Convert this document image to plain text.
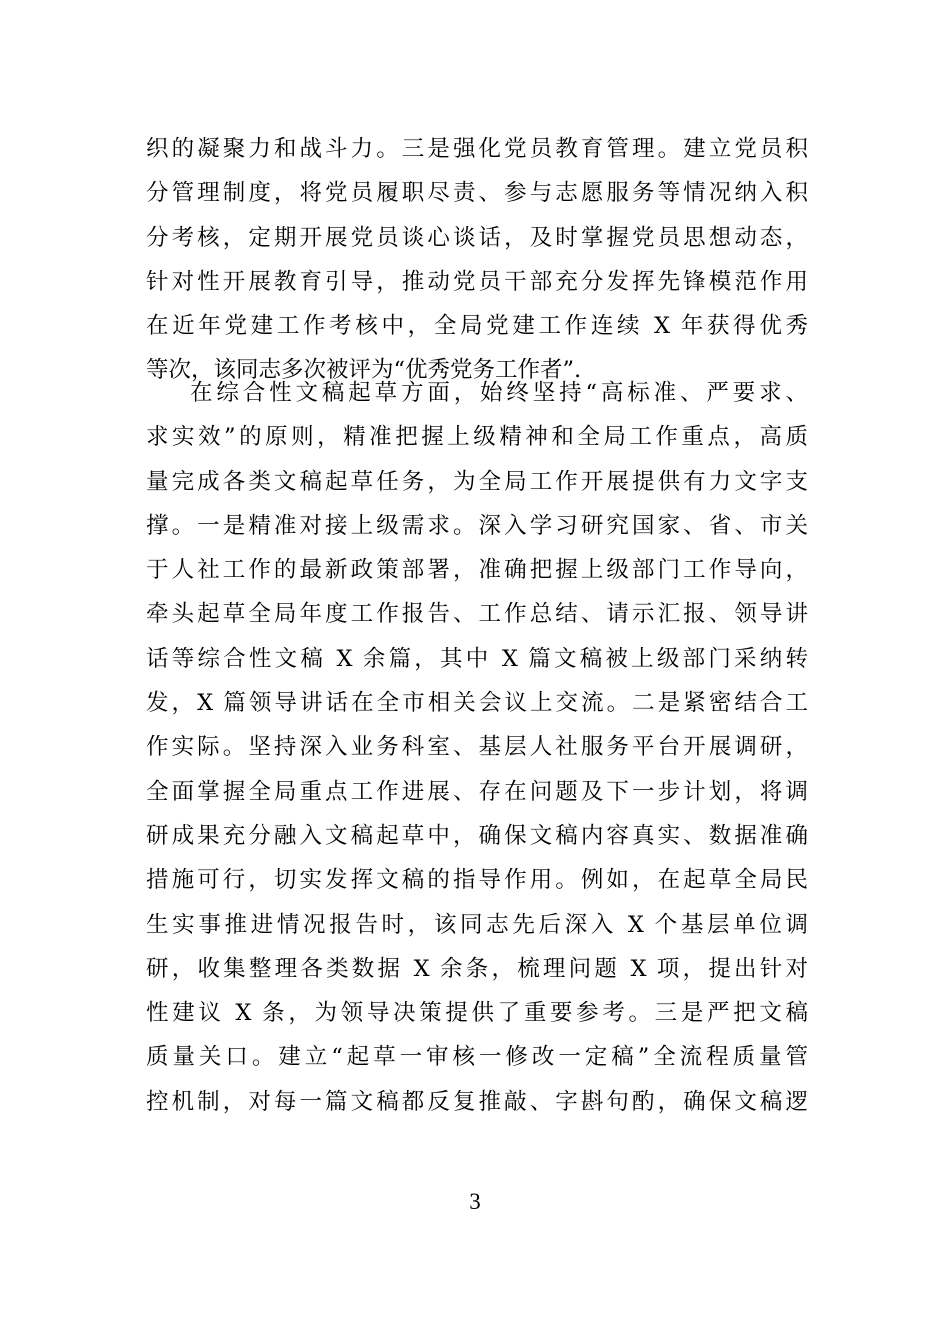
织的凝聚力和战斗力。三是强化党员教育管理。建立党员积
分管理制度，将党员履职尽责、参与志愿服务等情况纳入积
分考核，定期开展党员谈心谈话，及时掌握党员思想动态，
针对性开展教育引导，推动党员干部充分发挥先锋模范作用
在近年党建工作考核中，全局党建工作连续 X 年获得优秀
等次，该同志多次被评为“优秀党务工作者”.
在综合性文稿起草方面，始终坚持“高标准、严要求、
求实效”的原则，精准把握上级精神和全局工作重点，高质
量完成各类文稿起草任务，为全局工作开展提供有力文字支
撑。一是精准对接上级需求。深入学习研究国家、省、市关
于人社工作的最新政策部署，准确把握上级部门工作导向，
牵头起草全局年度工作报告、工作总结、请示汇报、领导讲
话等综合性文稿 X 余篇，其中 X 篇文稿被上级部门采纳转
发，X 篇领导讲话在全市相关会议上交流。二是紧密结合工
作实际。坚持深入业务科室、基层人社服务平台开展调研，
全面掌握全局重点工作进展、存在问题及下一步计划，将调
研成果充分融入文稿起草中，确保文稿内容真实、数据准确
措施可行，切实发挥文稿的指导作用。例如，在起草全局民
生实事推进情况报告时，该同志先后深入 X 个基层单位调
研，收集整理各类数据 X 余条，梳理问题 X 项，提出针对
性建议 X 条，为领导决策提供了重要参考。三是严把文稿
质量关口。建立“起草一审核一修改一定稿”全流程质量管
控机制，对每一篇文稿都反复推敲、字斟句酌，确保文稿逻
3
